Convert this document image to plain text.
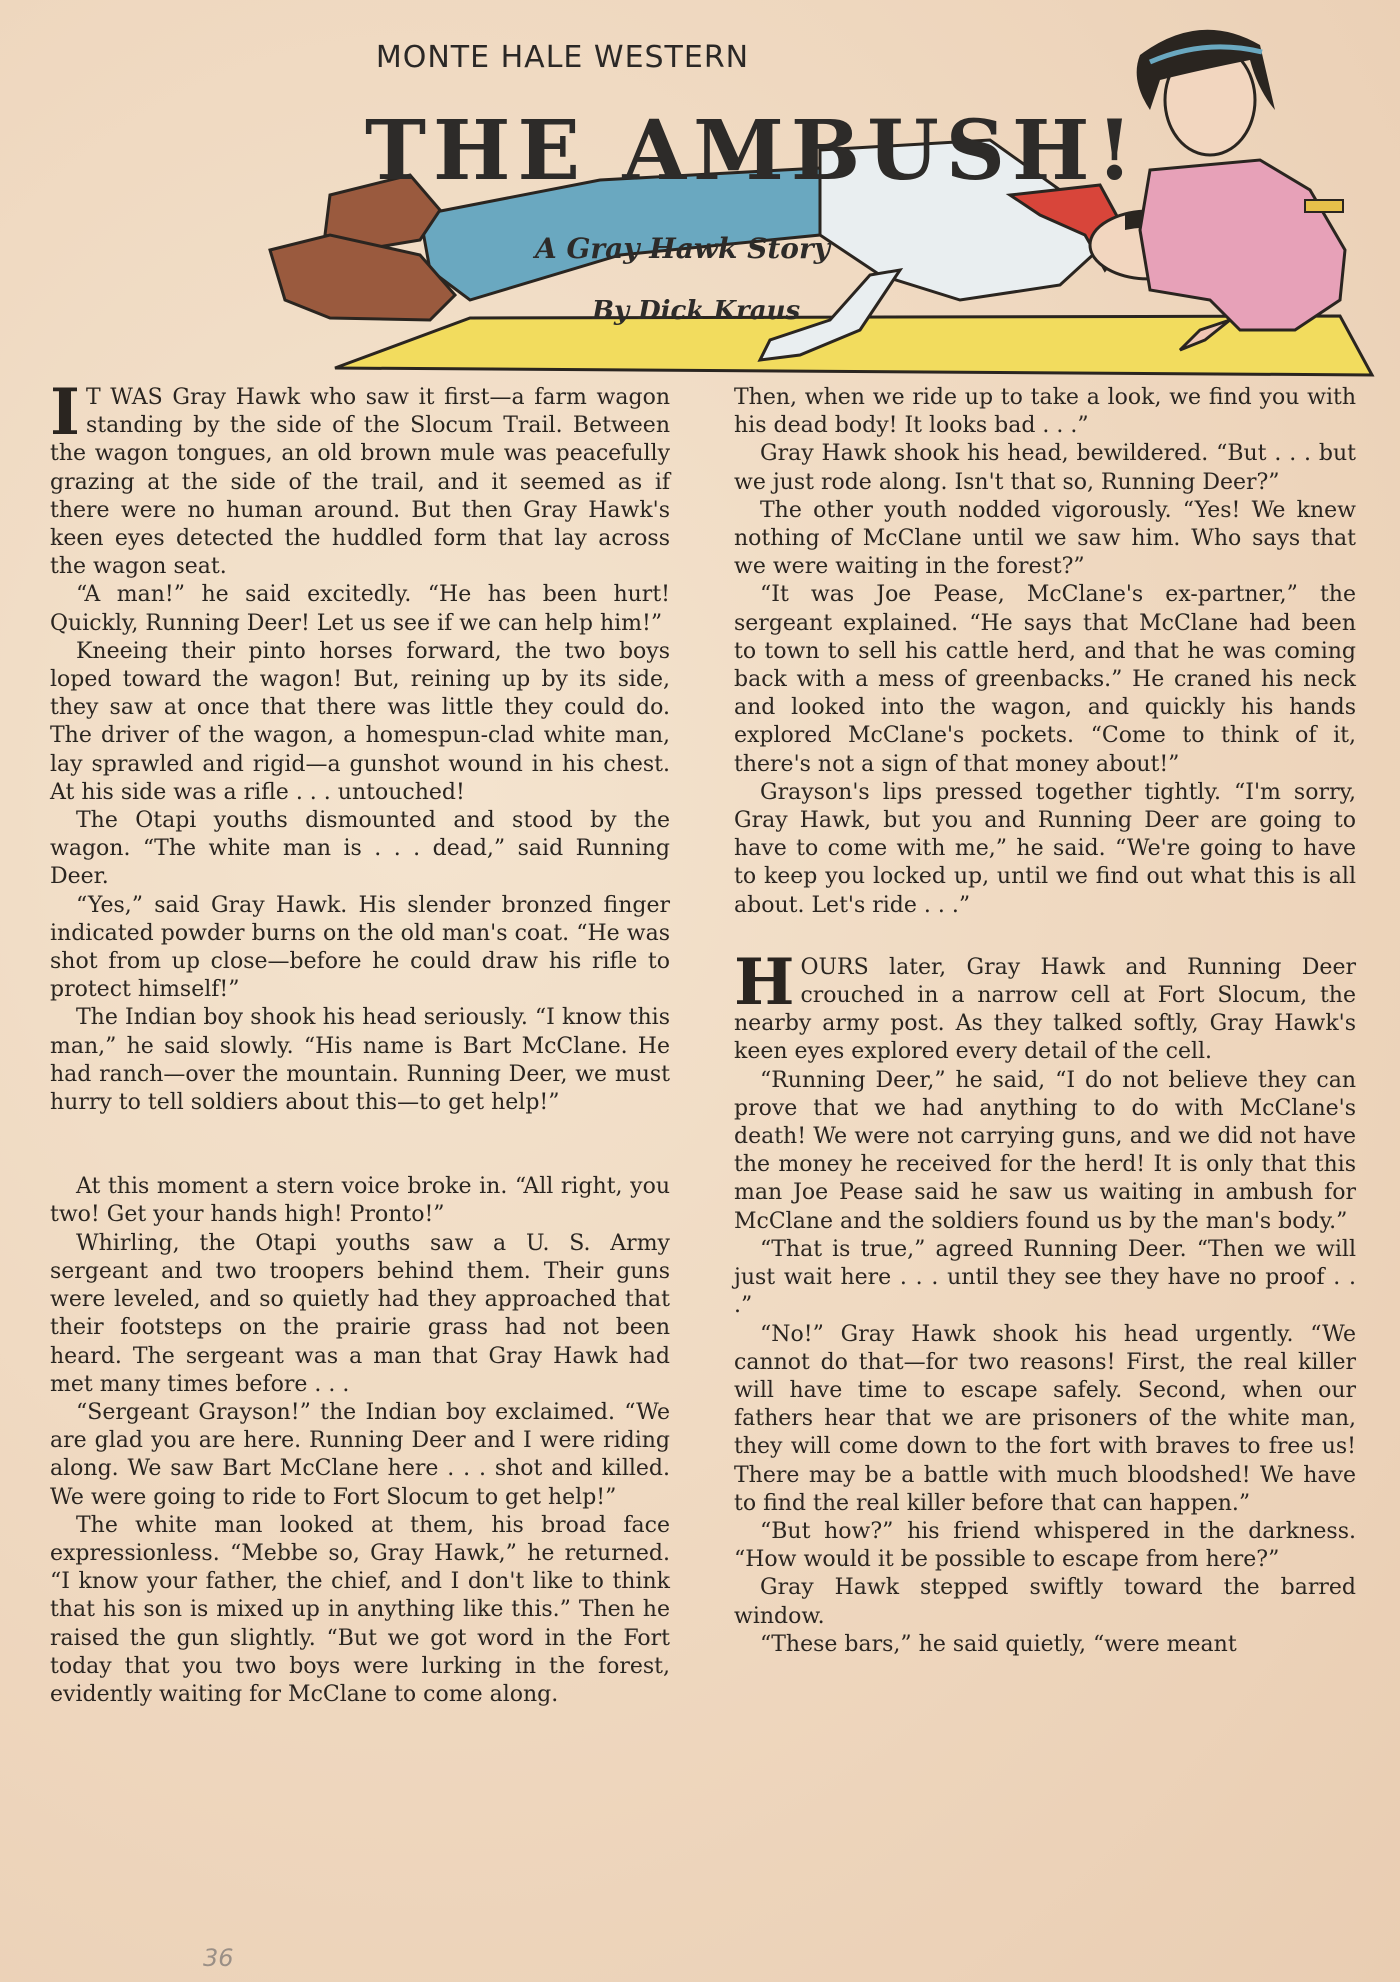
MONTE HALE WESTERN
THE AMBUSH!
A Gray Hawk Story
By Dick Kraus

I T WAS Gray Hawk who saw it first—a farm wagon standing by the side of the Slocum Trail. Between the wagon tongues, an old brown mule was peacefully grazing at the side of the trail, and it seemed as if there were no human around. But then Gray Hawk's keen eyes detected the huddled form that lay across the wagon seat.

“A man!” he said excitedly. “He has been hurt! Quickly, Running Deer! Let us see if we can help him!”

Kneeing their pinto horses forward, the two boys loped toward the wagon! But, reining up by its side, they saw at once that there was little they could do. The driver of the wagon, a homespun-clad white man, lay sprawled and rigid—a gunshot wound in his chest. At his side was a rifle . . . untouched!

The Otapi youths dismounted and stood by the wagon. “The white man is . . . dead,” said Running Deer.

“Yes,” said Gray Hawk. His slender bronzed finger indicated powder burns on the old man's coat. “He was shot from up close—before he could draw his rifle to protect himself!”

The Indian boy shook his head seriously. “I know this man,” he said slowly. “His name is Bart McClane. He had ranch—over the mountain. Running Deer, we must hurry to tell soldiers about this—to get help!”

At this moment a stern voice broke in. “All right, you two! Get your hands high! Pronto!”

Whirling, the Otapi youths saw a U. S. Army sergeant and two troopers behind them. Their guns were leveled, and so quietly had they approached that their footsteps on the prairie grass had not been heard. The sergeant was a man that Gray Hawk had met many times before . . .

“Sergeant Grayson!” the Indian boy exclaimed. “We are glad you are here. Running Deer and I were riding along. We saw Bart McClane here . . . shot and killed. We were going to ride to Fort Slocum to get help!”

The white man looked at them, his broad face expressionless. “Mebbe so, Gray Hawk,” he returned. “I know your father, the chief, and I don't like to think that his son is mixed up in anything like this.” Then he raised the gun slightly. “But we got word in the Fort today that you two boys were lurking in the forest, evidently waiting for McClane to come along.

Then, when we ride up to take a look, we find you with his dead body! It looks bad . . .”

Gray Hawk shook his head, bewildered. “But . . . but we just rode along. Isn't that so, Running Deer?”

The other youth nodded vigorously. “Yes! We knew nothing of McClane until we saw him. Who says that we were waiting in the forest?”

“It was Joe Pease, McClane's ex-partner,” the sergeant explained. “He says that McClane had been to town to sell his cattle herd, and that he was coming back with a mess of greenbacks.” He craned his neck and looked into the wagon, and quickly his hands explored McClane's pockets. “Come to think of it, there's not a sign of that money about!”

Grayson's lips pressed together tightly. “I'm sorry, Gray Hawk, but you and Running Deer are going to have to come with me,” he said. “We're going to have to keep you locked up, until we find out what this is all about. Let's ride . . .”

HOURS later, Gray Hawk and Running Deer crouched in a narrow cell at Fort Slocum, the nearby army post. As they talked softly, Gray Hawk's keen eyes explored every detail of the cell.

“Running Deer,” he said, “I do not believe they can prove that we had anything to do with McClane's death! We were not carrying guns, and we did not have the money he received for the herd! It is only that this man Joe Pease said he saw us waiting in ambush for McClane and the soldiers found us by the man's body.”

“That is true,” agreed Running Deer. “Then we will just wait here . . . until they see they have no proof . . .”

“No!” Gray Hawk shook his head urgently. “We cannot do that—for two reasons! First, the real killer will have time to escape safely. Second, when our fathers hear that we are prisoners of the white man, they will come down to the fort with braves to free us! There may be a battle with much bloodshed! We have to find the real killer before that can happen.”

“But how?” his friend whispered in the darkness. “How would it be possible to escape from here?”

Gray Hawk stepped swiftly toward the barred window.

“These bars,” he said quietly, “were meant

36
